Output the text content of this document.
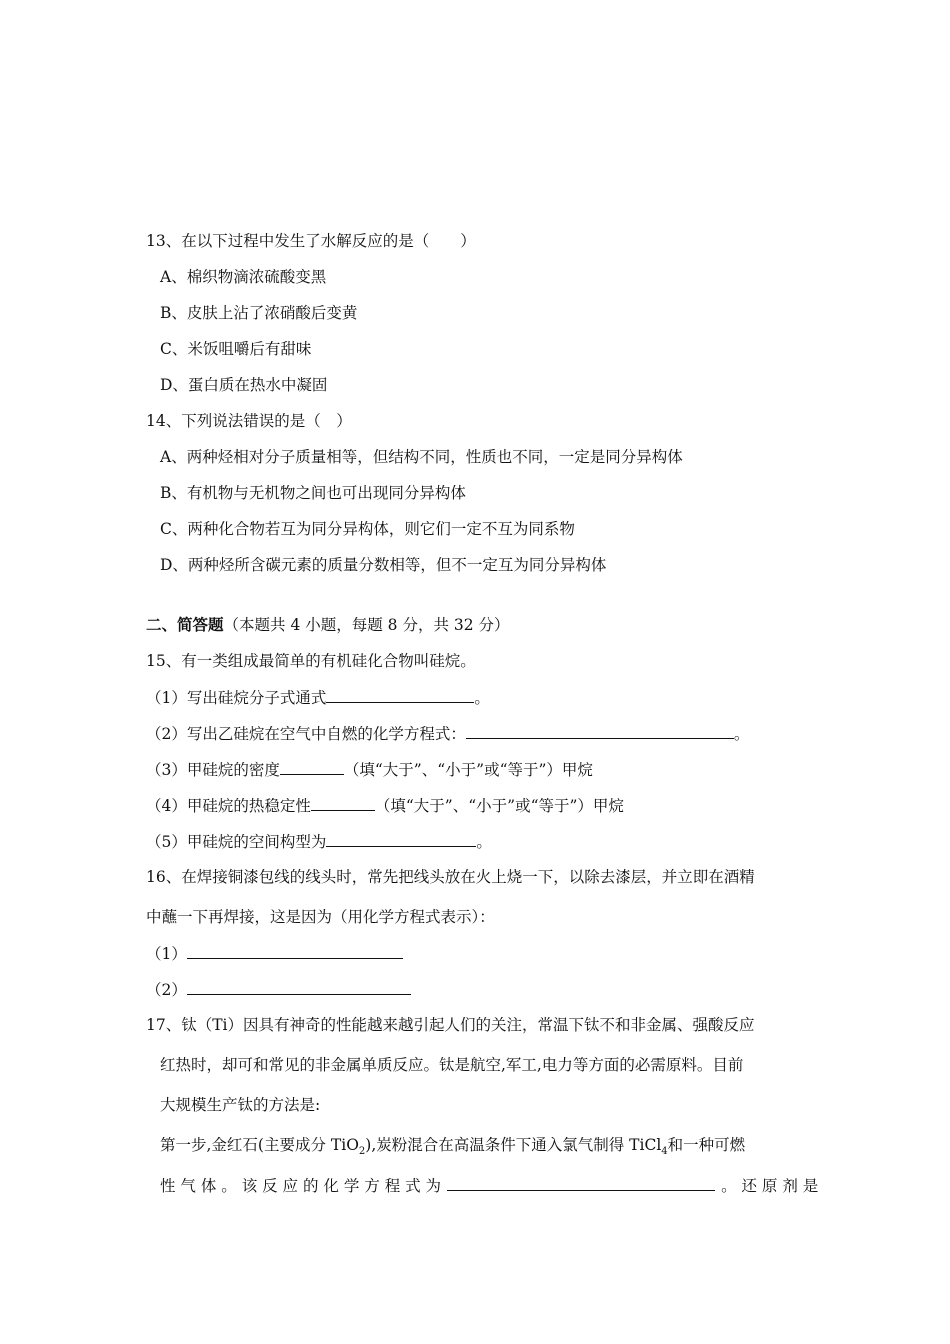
13、在以下过程中发生了水解反应的是（　　）
A、棉织物滴浓硫酸变黑
B、皮肤上沾了浓硝酸后变黄
C、米饭咀嚼后有甜味
D、蛋白质在热水中凝固
14、下列说法错误的是（　）
A、两种烃相对分子质量相等，但结构不同，性质也不同，一定是同分异构体
B、有机物与无机物之间也可出现同分异构体
C、两种化合物若互为同分异构体，则它们一定不互为同系物
D、两种烃所含碳元素的质量分数相等，但不一定互为同分异构体
二、简答题（本题共 4 小题，每题 8 分，共 32 分）
15、有一类组成最简单的有机硅化合物叫硅烷。
（1）写出硅烷分子式通式	。
（2）写出乙硅烷在空气中自燃的化学方程式：	。
（3）甲硅烷的密度	（填“大于”、“小于”或“等于”）甲烷
（4）甲硅烷的热稳定性	（填“大于”、“小于”或“等于”）甲烷
（5）甲硅烷的空间构型为	。
16、在焊接铜漆包线的线头时，常先把线头放在火上烧一下，以除去漆层，并立即在酒精
中蘸一下再焊接，这是因为（用化学方程式表示）：
（1）
（2）
17、钛（Ti）因具有神奇的性能越来越引起人们的关注，常温下钛不和非金属、强酸反应
红热时，却可和常见的非金属单质反应。钛是航空,军工,电力等方面的必需原料。目前
大规模生产钛的方法是:
第一步,金红石(主要成分 TiO$_2$),炭粉混合在高温条件下通入氯气制得 TiCl$_4$和一种可燃
性 气 体 。 该 反 应 的 化 学 方 程 式 为	。 还 原 剂 是
